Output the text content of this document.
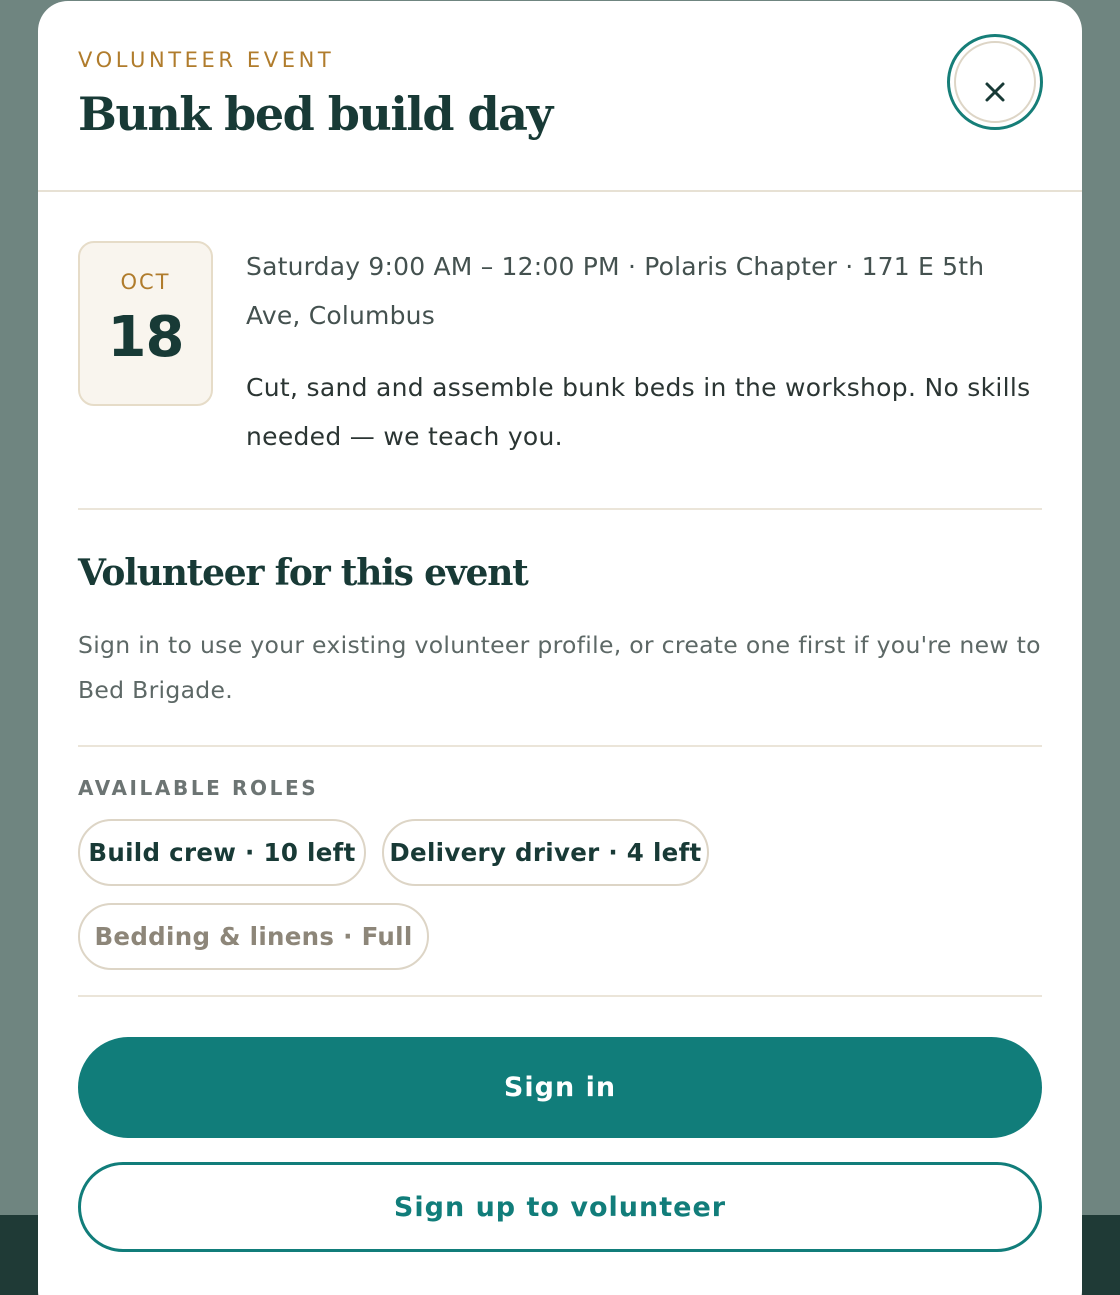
VOLUNTEER EVENT
Bunk bed build day
OCT
18
Saturday 9:00 AM – 12:00 PM · Polaris Chapter · 171 E 5th Ave, Columbus
Cut, sand and assemble bunk beds in the workshop. No skills needed — we teach you.
Volunteer for this event
Sign in to use your existing volunteer profile, or create one first if you're new to Bed Brigade.
AVAILABLE ROLES
Build crew · 10 left	Delivery driver · 4 left
Bedding & linens · Full
Sign in
Sign up to volunteer
